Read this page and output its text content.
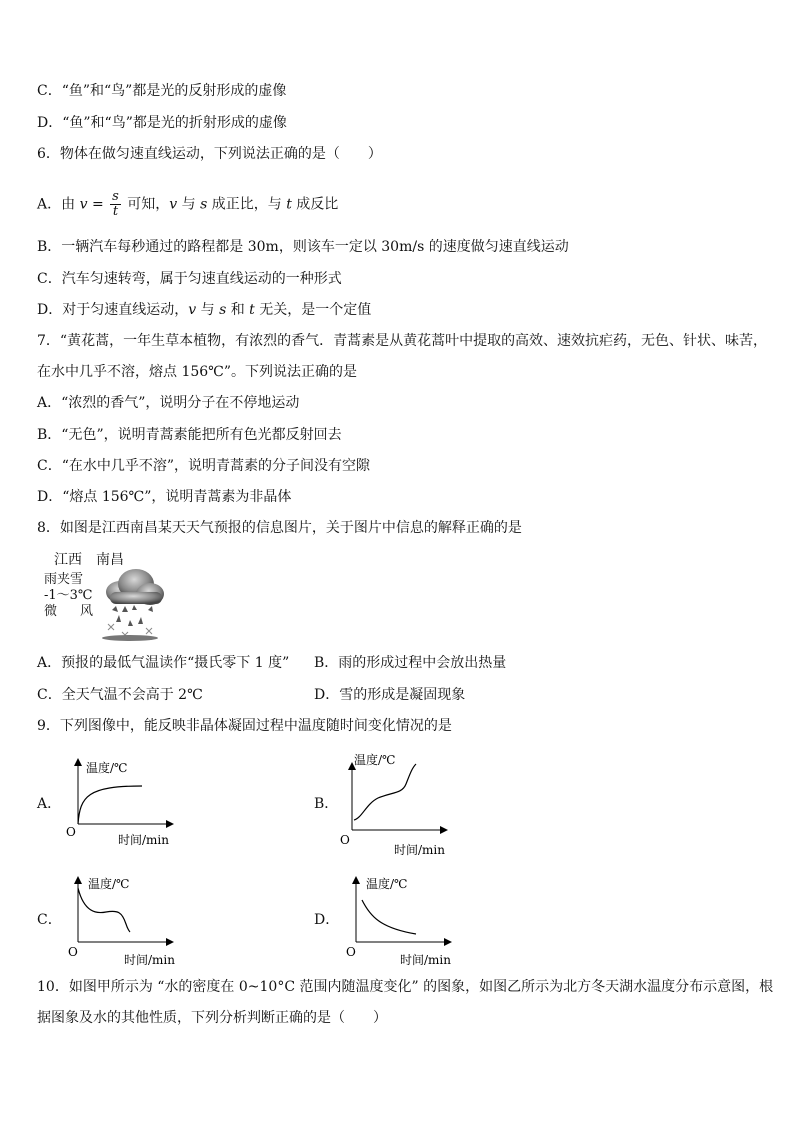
C．“鱼”和“鸟”都是光的反射形成的虚像
D．“鱼”和“鸟”都是光的折射形成的虚像
6．物体在做匀速直线运动，下列说法正确的是（　　）
A．由 $v = \frac{s}{t}$ 可知，v 与 s 成正比，与 t 成反比
B．一辆汽车每秒通过的路程都是 30m，则该车一定以 30m/s 的速度做匀速直线运动
C．汽车匀速转弯，属于匀速直线运动的一种形式
D．对于匀速直线运动，v 与 s 和 t 无关，是一个定值
7．“黄花蒿，一年生草本植物，有浓烈的香气．青蒿素是从黄花蒿叶中提取的高效、速效抗疟药，无色、针状、味苦，
在水中几乎不溶，熔点 156℃”。下列说法正确的是
A．“浓烈的香气”，说明分子在不停地运动
B．“无色”，说明青蒿素能把所有色光都反射回去
C．“在水中几乎不溶”，说明青蒿素的分子间没有空隙
D．“熔点 156℃”，说明青蒿素为非晶体
8．如图是江西南昌某天天气预报的信息图片，关于图片中信息的解释正确的是
江西　南昌
雨夹雪
-1～3℃
微 风
A．预报的最低气温读作“摄氏零下 1 度” B．雨的形成过程中会放出热量
C．全天气温不会高于 2℃	D．雪的形成是凝固现象
9．下列图像中，能反映非晶体凝固过程中温度随时间变化情况的是
A．
温度/℃
O
时间/min
B．
温度/℃
O
时间/min
C．
温度/℃
O
时间/min
D．
温度/℃
O
时间/min
10．如图甲所示为 “水的密度在 0~10°C 范围内随温度变化” 的图象，如图乙所示为北方冬天湖水温度分布示意图，根
据图象及水的其他性质，下列分析判断正确的是（　　）
